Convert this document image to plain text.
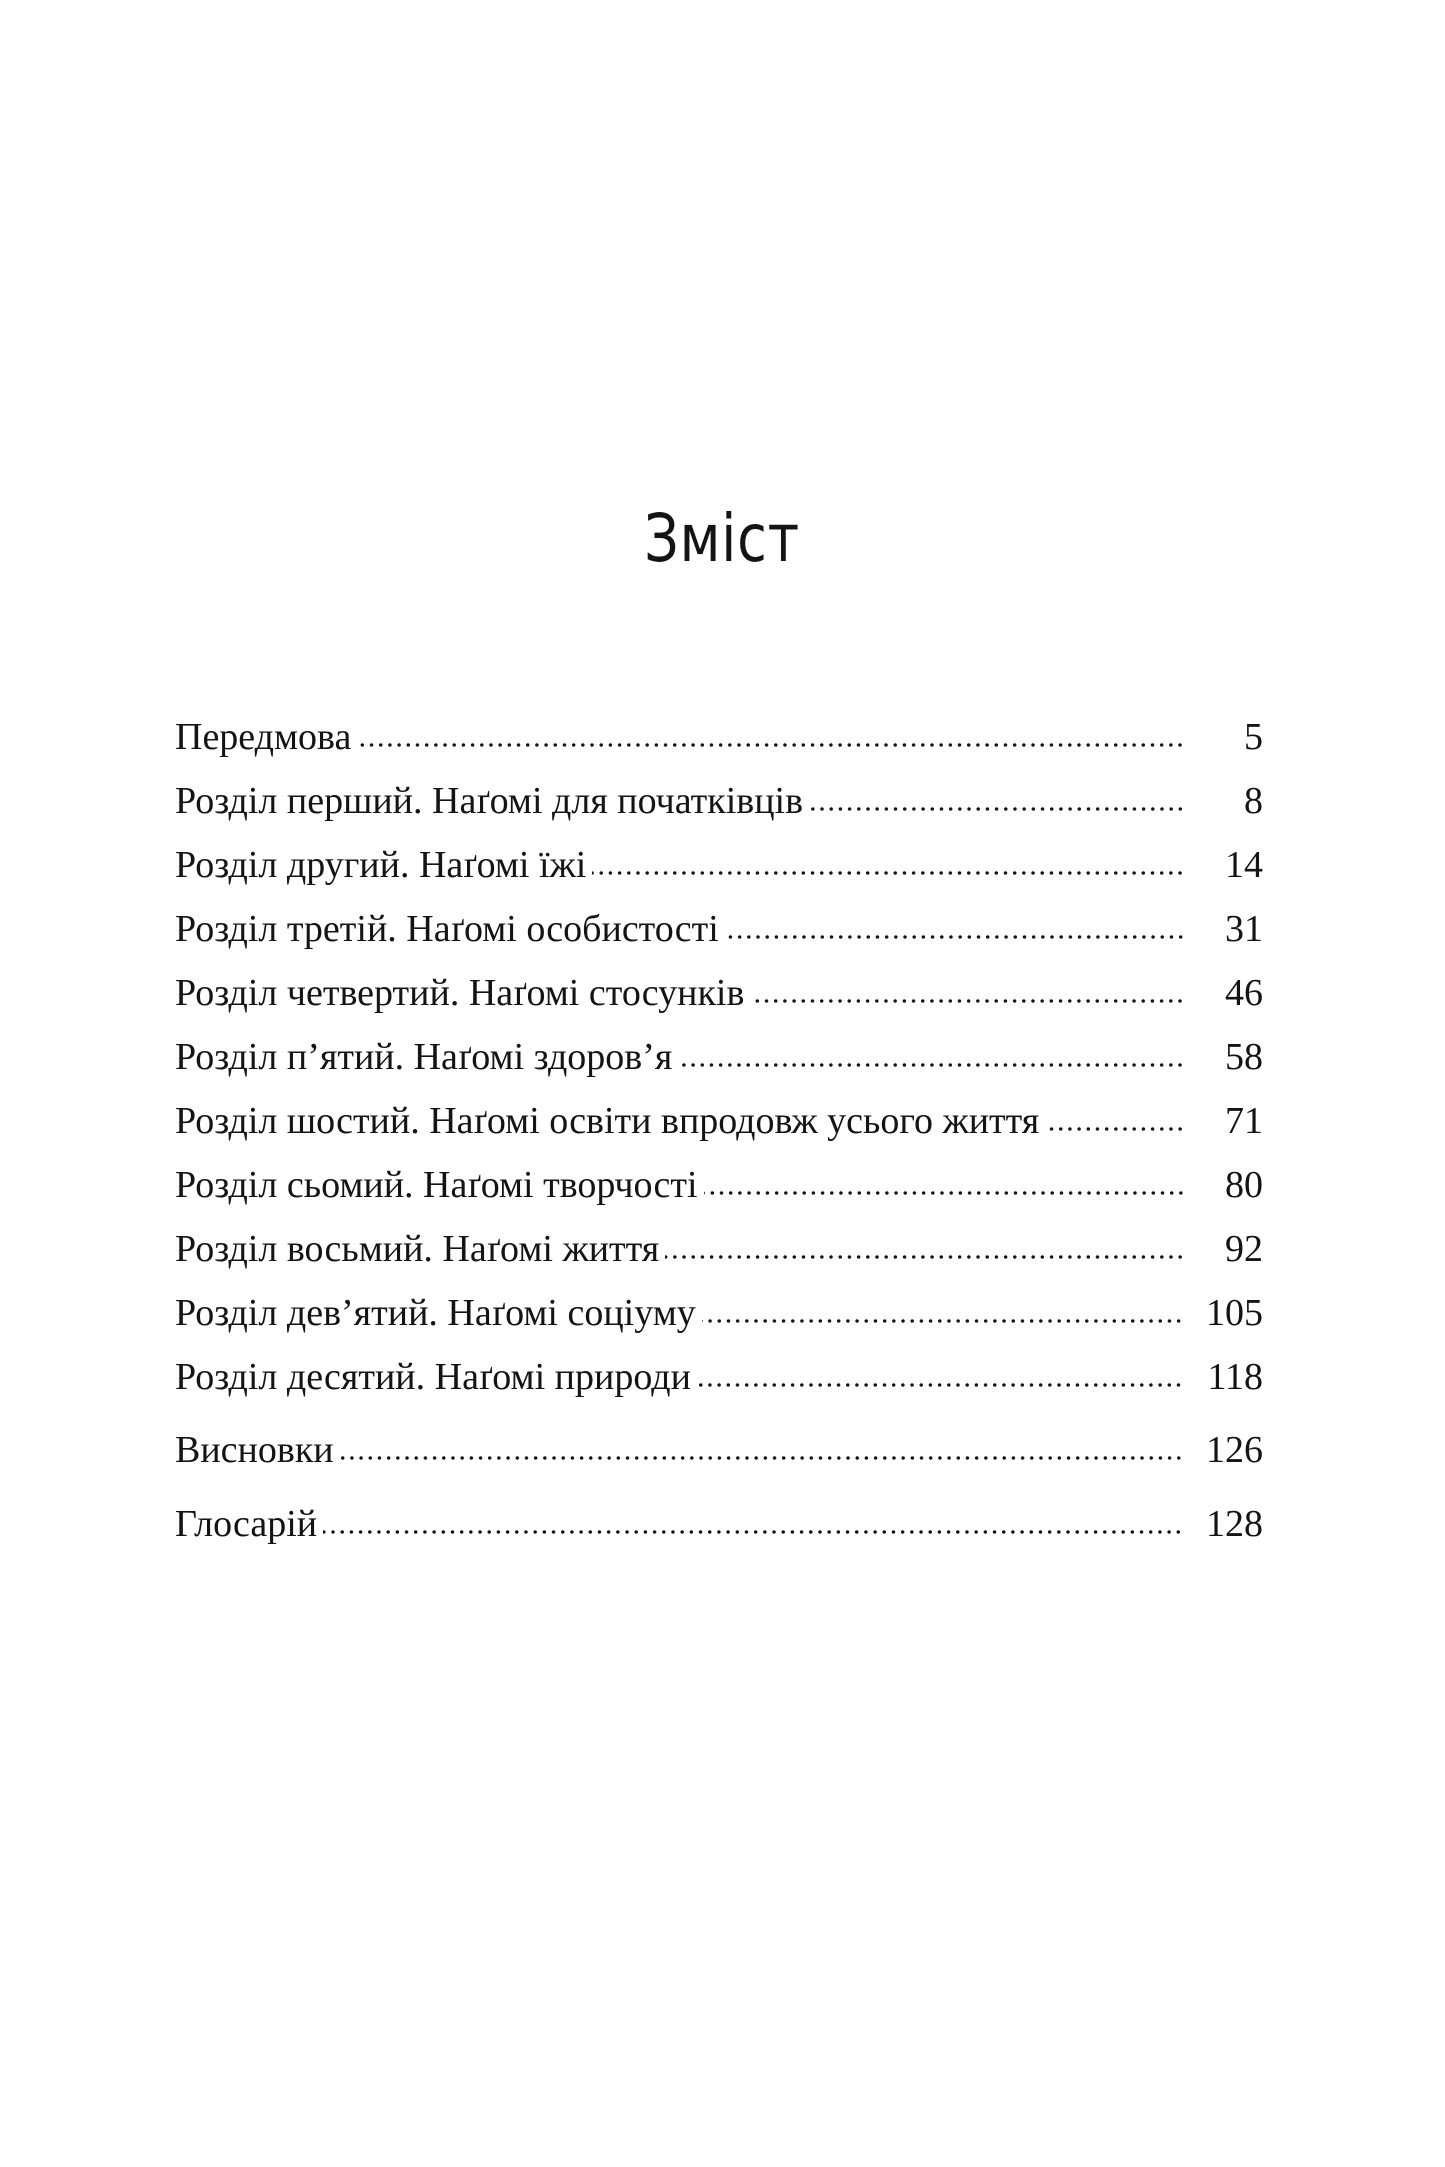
Зміст
Передмова	5
Розділ перший. Наґомі для початківців	8
Розділ другий. Наґомі їжі	14
Розділ третій. Наґомі особистості	31
Розділ четвертий. Наґомі стосунків	46
Розділ п’ятий. Наґомі здоров’я	58
Розділ шостий. Наґомі освіти впродовж усього життя	71
Розділ сьомий. Наґомі творчості	80
Розділ восьмий. Наґомі життя	92
Розділ дев’ятий. Наґомі соціуму	105
Розділ десятий. Наґомі природи	118
Висновки	126
Глосарій	128
